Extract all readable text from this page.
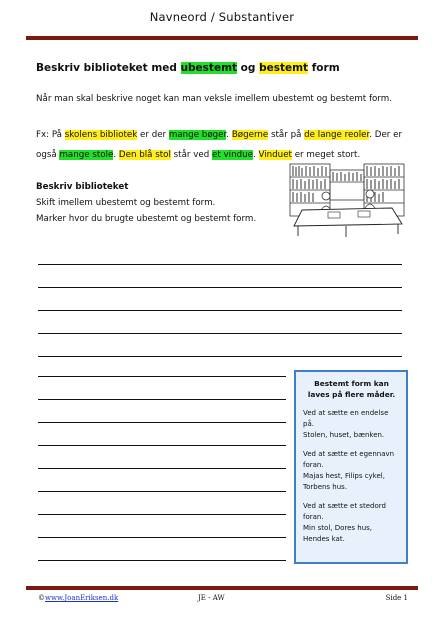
Navneord / Substantiver
Beskriv biblioteket med ubestemt og bestemt form
Når man skal beskrive noget kan man veksle imellem ubestemt og bestemt form.
Fx: På skolens bibliotek er der mange bøger. Bøgerne står på de lange reoler. Der er også mange stole. Den blå stol står ved et vindue. Vinduet er meget stort.
Beskriv biblioteket
Skift imellem ubestemt og bestemt form.
Marker hvor du brugte ubestemt og bestemt form.
Bestemt form kan laves på flere måder.
Ved at sætte en endelse på.
Stolen, huset, bænken.
Ved at sætte et egennavn foran.
Majas hest, Filips cykel, Torbens hus.
Ved at sætte et stedord foran.
Min stol, Dores hus, Hendes kat.
©www.JoanEriksen.dk	JE - AW	Side 1
